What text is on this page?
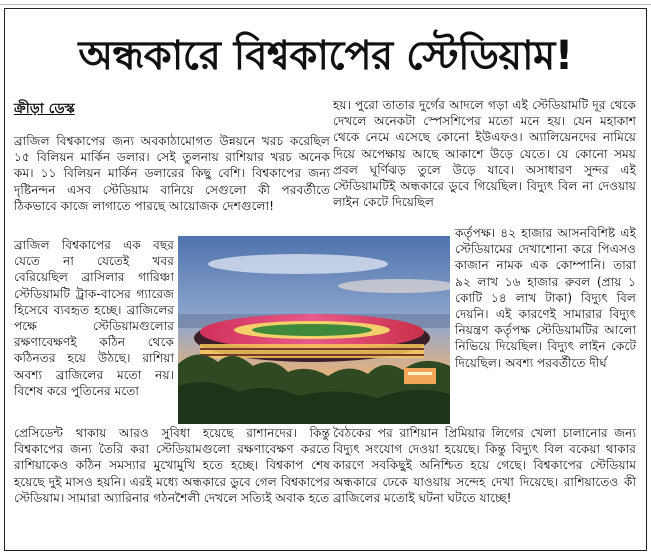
অন্ধকারে বিশ্বকাপের স্টেডিয়াম!
ক্রীড়া ডেস্ক

ব্রাজিল বিশ্বকাপের জন্য অবকাঠামোগত উন্নয়নে খরচ করেছিল ১৫ বিলিয়ন মার্কিন ডলার। সেই তুলনায় রাশিয়ার খরচ অনেক কম। ১১ বিলিয়ন মার্কিন ডলারের কিছু বেশি। বিশ্বকাপের জন্য দৃষ্টিনন্দন এসব স্টেডিয়াম বানিয়ে সেগুলো কী পরবর্তীতে ঠিকভাবে কাজে লাগাতে পারছে আয়োজক দেশগুলো!

ব্রাজিল বিশ্বকাপের এক বছর যেতে না যেতেই খবর বেরিয়েছিল ব্রাসিলার গারিঞ্চা স্টেডিয়ামটি ট্রাক-বাসের গ্যারেজ হিসেবে ব্যবহৃত হচ্ছে। ব্রাজিলের পক্ষে স্টেডিয়ামগুলোর রক্ষণাবেক্ষণই কঠিন থেকে কঠিনতর হয়ে উঠছে। রাশিয়া অবশ্য ব্রাজিলের মতো নয়। বিশেষ করে পুতিনের মতো

হয়। পুরো তাতার দুর্গের আদলে গড়া এই স্টেডিয়ামটি দূর থেকে দেখলে অনেকটা স্পেসশিপের মতো মনে হয়। যেন মহাকাশ থেকে নেমে এসেছে কোনো ইউএফও। অ্যালিয়েনদের নামিয়ে দিয়ে অপেক্ষায় আছে আকাশে উড়ে যেতে। যে কোনো সময় প্রবল ঘূর্ণিঝড় তুলে উড়ে যাবে। অসাধারণ সুন্দর এই স্টেডিয়ামটিই অন্ধকারে ডুবে গিয়েছিল। বিদ্যুৎ বিল না দেওয়ায় লাইন কেটে দিয়েছিল

কর্তৃপক্ষ। ৪২ হাজার আসনবিশিষ্ট এই স্টেডিয়ামের দেখাশোনা করে পিএসও কাজান নামক এক কোম্পানি। তারা ৯২ লাখ ১৬ হাজার রুবল (প্রায় ১ কোটি ১৪ লাখ টাকা) বিদ্যুৎ বিল দেয়নি। এই কারণেই সামারার বিদ্যুৎ নিয়ন্ত্রণ কর্তৃপক্ষ স্টেডিয়ামটির আলো নিভিয়ে দিয়েছিল। বিদ্যুৎ লাইন কেটে দিয়েছিল। অবশ্য পরবর্তীতে দীর্ঘ

প্রেসিডেন্ট থাকায় আরও সুবিধা হয়েছে রাশানদের। কিন্তু বিশ্বকাপের জন্য তৈরি করা স্টেডিয়ামগুলো রক্ষণাবেক্ষণ করতে রাশিয়াকেও কঠিন সমস্যার মুখোমুখি হতে হচ্ছে। বিশ্বকাপ শেষ হয়েছে দুই মাসও হয়নি। এরই মধ্যে অন্ধকারে ডুবে গেল বিশ্বকাপের স্টেডিয়াম। সামারা অ্যারিনার গঠনশৈলী দেখলে সত্যিই অবাক হতে

বৈঠকের পর রাশিয়ান প্রিমিয়ার লিগের খেলা চালানোর জন্য বিদ্যুৎ সংযোগ দেওয়া হয়েছে। কিন্তু বিদ্যুৎ বিল বকেয়া থাকার কারণে সবকিছুই অনিশ্চিত হয়ে গেছে। বিশ্বকাপের স্টেডিয়াম অন্ধকারে ঢেকে যাওয়ায় সন্দেহ দেখা দিয়েছে। রাশিয়াতেও কী ব্রাজিলের মতোই ঘটনা ঘটতে যাচ্ছে!
